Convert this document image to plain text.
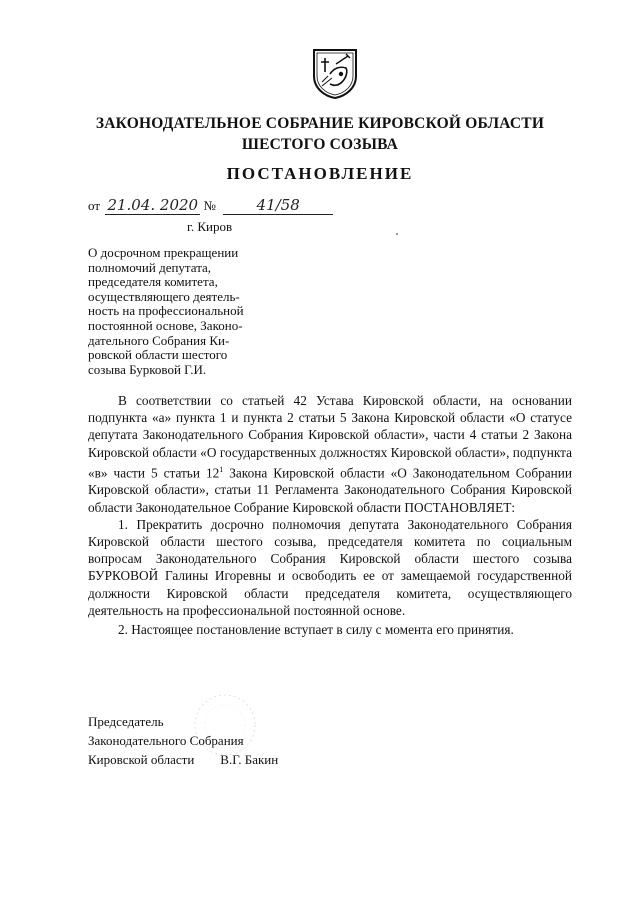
ЗАКОНОДАТЕЛЬНОЕ СОБРАНИЕ КИРОВСКОЙ ОБЛАСТИ
ШЕСТОГО СОЗЫВА
ПОСТАНОВЛЕНИЕ
от 21.04. 2020 №	41/58
г. Киров
О досрочном прекращении
полномочий депутата,
председателя комитета,
осуществляющего деятель-
ность на профессиональной
постоянной основе, Законо-
дательного Собрания Ки-
ровской области шестого
созыва Бурковой Г.И.

В соответствии со статьей 42 Устава Кировской области, на основании подпункта «а» пункта 1 и пункта 2 статьи 5 Закона Кировской области «О статусе депутата Законодательного Собрания Кировской области», части 4 статьи 2 Закона Кировской области «О государственных должностях Кировской области», подпункта «в» части 5 статьи $12^1$ Закона Кировской области «О Законодательном Собрании Кировской области», статьи 11 Регламента Законодательного Собрания Кировской области Законодательное Собрание Кировской области ПОСТАНОВЛЯЕТ:

1. Прекратить досрочно полномочия депутата Законодательного Собрания Кировской области шестого созыва, председателя комитета по социальным вопросам Законодательного Собрания Кировской области шестого созыва БУРКОВОЙ Галины Игоревны и освободить ее от замещаемой государственной должности Кировской области председателя комитета, осуществляющего деятельность на профессиональной постоянной основе.

2. Настоящее постановление вступает в силу с момента его принятия.

Председатель
Законодательного Собрания
Кировской области В.Г. Бакин
